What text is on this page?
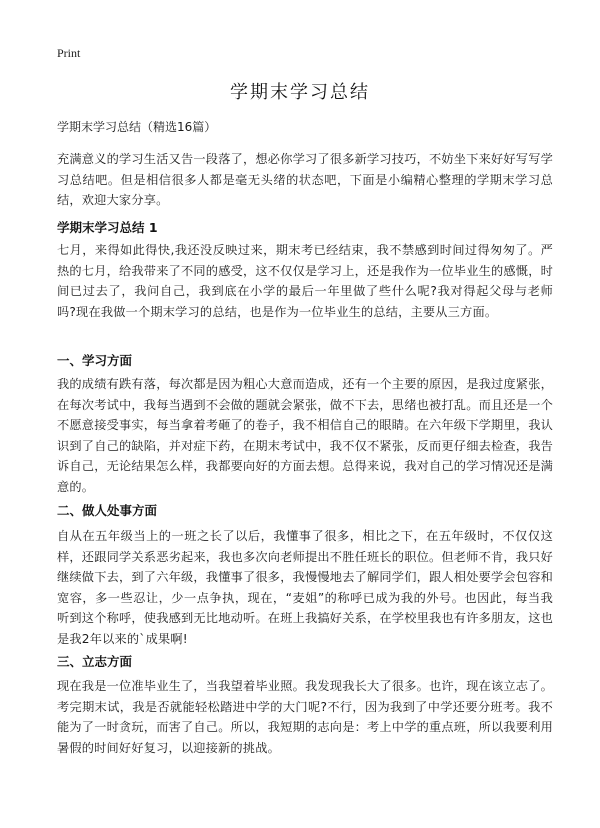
Print
学期末学习总结

学期末学习总结（精选16篇）

充满意义的学习生活又告一段落了，想必你学习了很多新学习技巧，不妨坐下来好好写写学习总结吧。但是相信很多人都是毫无头绪的状态吧，下面是小编精心整理的学期末学习总结，欢迎大家分享。

学期末学习总结 1

七月，来得如此得快,我还没反映过来，期末考已经结束，我不禁感到时间过得匆匆了。严热的七月，给我带来了不同的感受，这不仅仅是学习上，还是我作为一位毕业生的感慨，时间已过去了，我问自己，我到底在小学的最后一年里做了些什么呢?我对得起父母与老师吗?现在我做一个期末学习的总结，也是作为一位毕业生的总结，主要从三方面。

一、学习方面

我的成绩有跌有落，每次都是因为粗心大意而造成，还有一个主要的原因，是我过度紧张，在每次考试中，我每当遇到不会做的题就会紧张，做不下去，思绪也被打乱。而且还是一个不愿意接受事实，每当拿着考砸了的卷子，我不相信自己的眼睛。在六年级下学期里，我认识到了自己的缺陷，并对症下药，在期末考试中，我不仅不紧张，反而更仔细去检查，我告诉自己，无论结果怎么样，我都要向好的方面去想。总得来说，我对自己的学习情况还是满意的。

二、做人处事方面

自从在五年级当上的一班之长了以后，我懂事了很多，相比之下，在五年级时，不仅仅这样，还跟同学关系恶劣起来，我也多次向老师提出不胜任班长的职位。但老师不肯，我只好继续做下去，到了六年级，我懂事了很多，我慢慢地去了解同学们，跟人相处要学会包容和宽容，多一些忍让，少一点争执，现在，“麦姐”的称呼已成为我的外号。也因此，每当我听到这个称呼，使我感到无比地动听。在班上我搞好关系，在学校里我也有许多朋友，这也是我2年以来的`成果啊!

三、立志方面

现在我是一位准毕业生了，当我望着毕业照。我发现我长大了很多。也许，现在该立志了。考完期末试，我是否就能轻松踏进中学的大门呢?不行，因为我到了中学还要分班考。我不能为了一时贪玩，而害了自己。所以，我短期的志向是：考上中学的重点班，所以我要利用暑假的时间好好复习，以迎接新的挑战。
